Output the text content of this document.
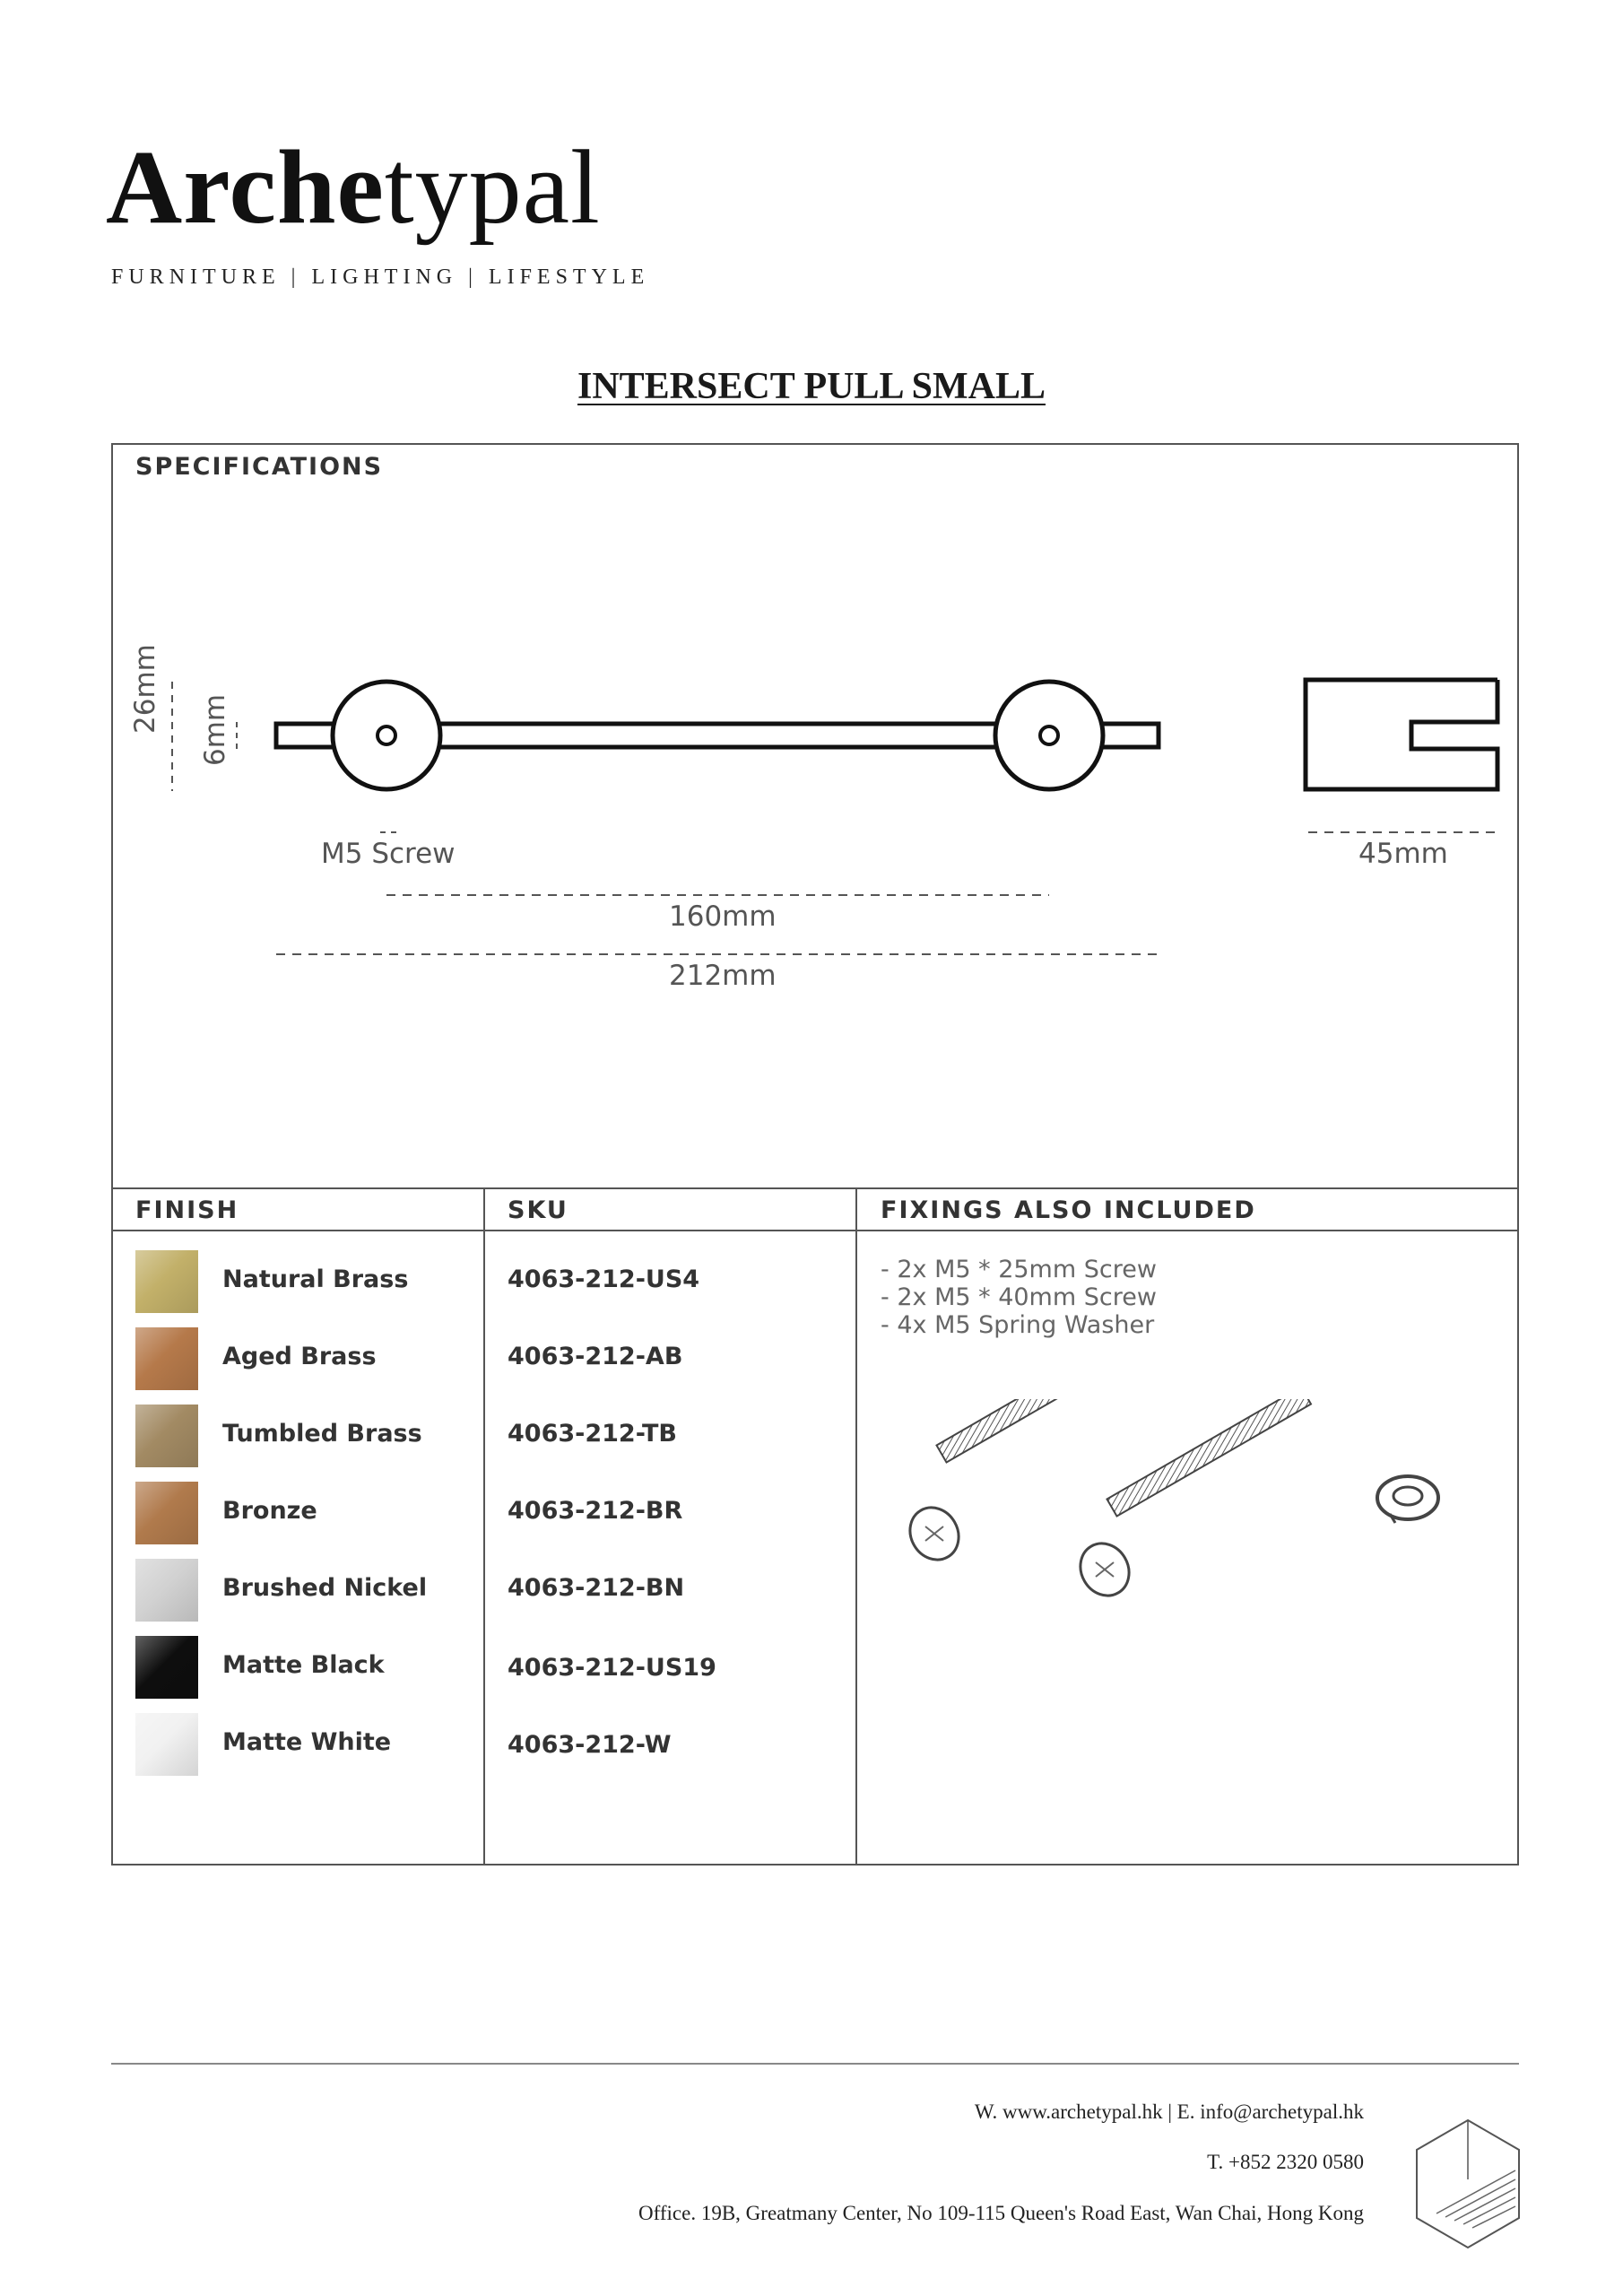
Archetypal
FURNITURE | LIGHTING | LIFESTYLE
INTERSECT PULL SMALL
SPECIFICATIONS
26mm 6mm
M5 Screw	45mm
160mm
212mm
FINISH	SKU	FIXINGS ALSO INCLUDED
Natural Brass	4063-212-US4
Aged Brass	4063-212-AB
Tumbled Brass	4063-212-TB
Bronze	4063-212-BR
Brushed Nickel	4063-212-BN
Matte Black	4063-212-US19
Matte White	4063-212-W
- 2x M5 * 25mm Screw
- 2x M5 * 40mm Screw
- 4x M5 Spring Washer
W. www.archetypal.hk | E. info@archetypal.hk
T. +852 2320 0580
Office. 19B, Greatmany Center, No 109-115 Queen's Road East, Wan Chai, Hong Kong
